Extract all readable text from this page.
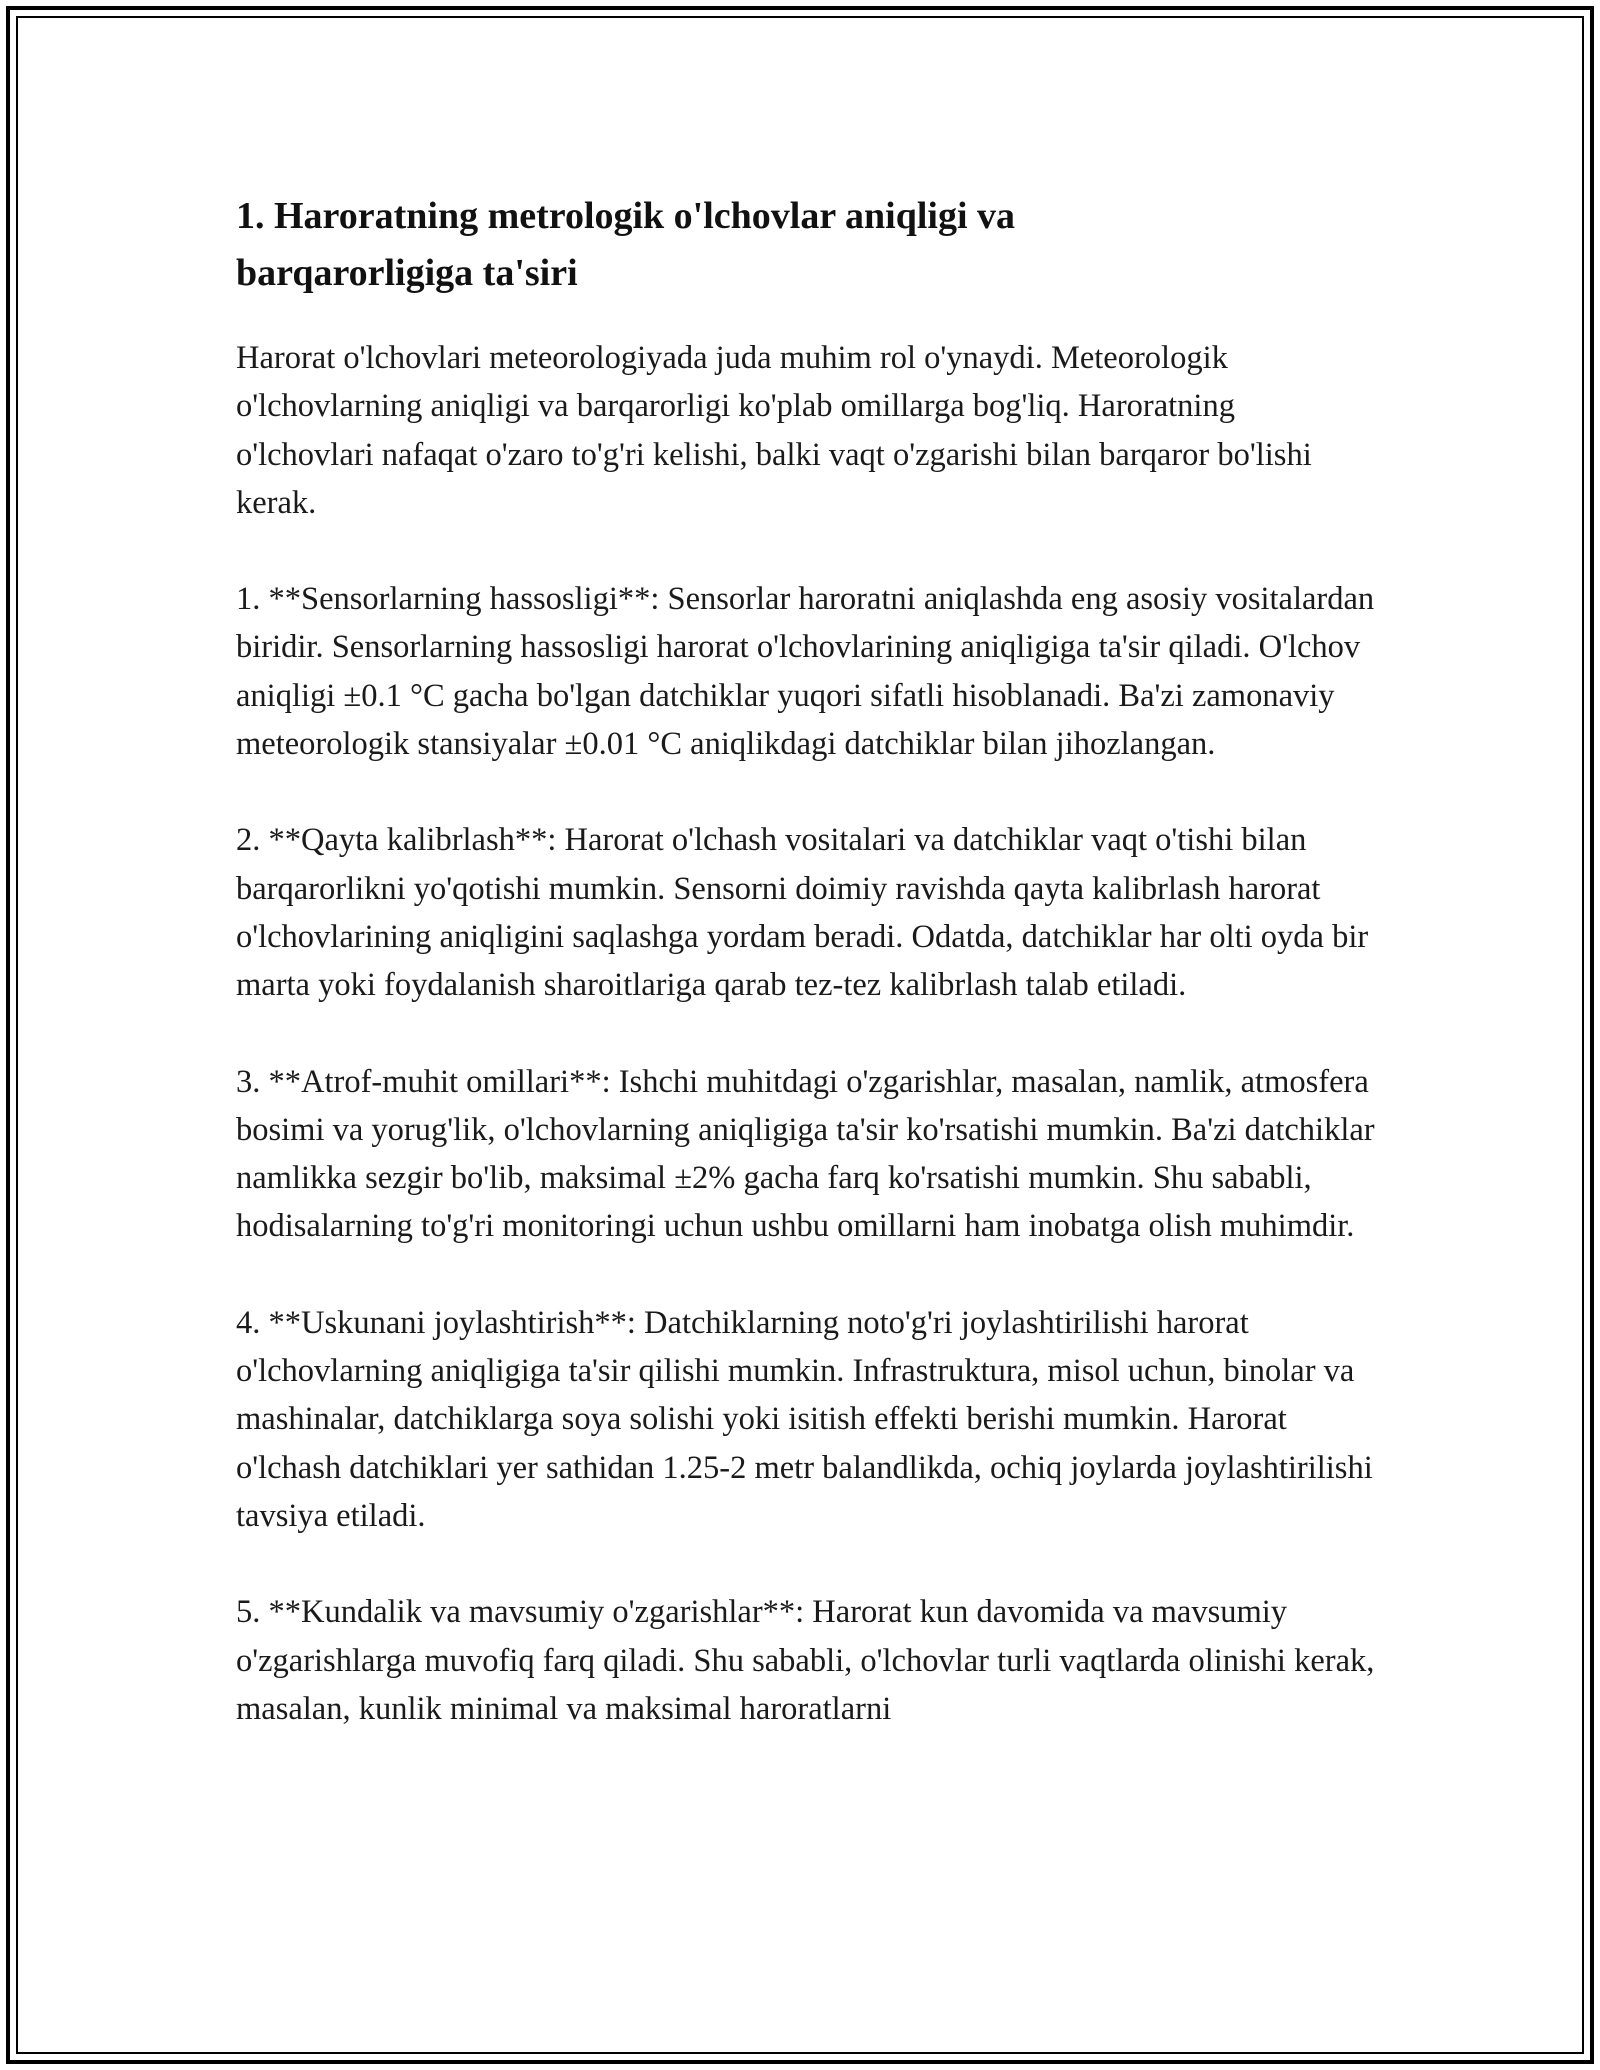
1. Haroratning metrologik o'lchovlar aniqligi va
barqarorligiga ta'siri

Harorat o'lchovlari meteorologiyada juda muhim rol o'ynaydi. Meteorologik o'lchovlarning aniqligi va barqarorligi ko'plab omillarga bog'liq. Haroratning o'lchovlari nafaqat o'zaro to'g'ri kelishi, balki vaqt o'zgarishi bilan barqaror bo'lishi kerak.

1. **Sensorlarning hassosligi**: Sensorlar haroratni aniqlashda eng asosiy vositalardan biridir. Sensorlarning hassosligi harorat o'lchovlarining aniqligiga ta'sir qiladi. O'lchov aniqligi ±0.1 °C gacha bo'lgan datchiklar yuqori sifatli hisoblanadi. Ba'zi zamonaviy meteorologik stansiyalar ±0.01 °C aniqlikdagi datchiklar bilan jihozlangan.

2. **Qayta kalibrlash**: Harorat o'lchash vositalari va datchiklar vaqt o'tishi bilan barqarorlikni yo'qotishi mumkin. Sensorni doimiy ravishda qayta kalibrlash harorat o'lchovlarining aniqligini saqlashga yordam beradi. Odatda, datchiklar har olti oyda bir marta yoki foydalanish sharoitlariga qarab tez-tez kalibrlash talab etiladi.

3. **Atrof-muhit omillari**: Ishchi muhitdagi o'zgarishlar, masalan, namlik, atmosfera bosimi va yorug'lik, o'lchovlarning aniqligiga ta'sir ko'rsatishi mumkin. Ba'zi datchiklar namlikka sezgir bo'lib, maksimal ±2% gacha farq ko'rsatishi mumkin. Shu sababli, hodisalarning to'g'ri monitoringi uchun ushbu omillarni ham inobatga olish muhimdir.

4. **Uskunani joylashtirish**: Datchiklarning noto'g'ri joylashtirilishi harorat o'lchovlarning aniqligiga ta'sir qilishi mumkin. Infrastruktura, misol uchun, binolar va mashinalar, datchiklarga soya solishi yoki isitish effekti berishi mumkin. Harorat o'lchash datchiklari yer sathidan 1.25-2 metr balandlikda, ochiq joylarda joylashtirilishi tavsiya etiladi.

5. **Kundalik va mavsumiy o'zgarishlar**: Harorat kun davomida va mavsumiy o'zgarishlarga muvofiq farq qiladi. Shu sababli, o'lchovlar turli vaqtlarda olinishi kerak, masalan, kunlik minimal va maksimal haroratlarni
